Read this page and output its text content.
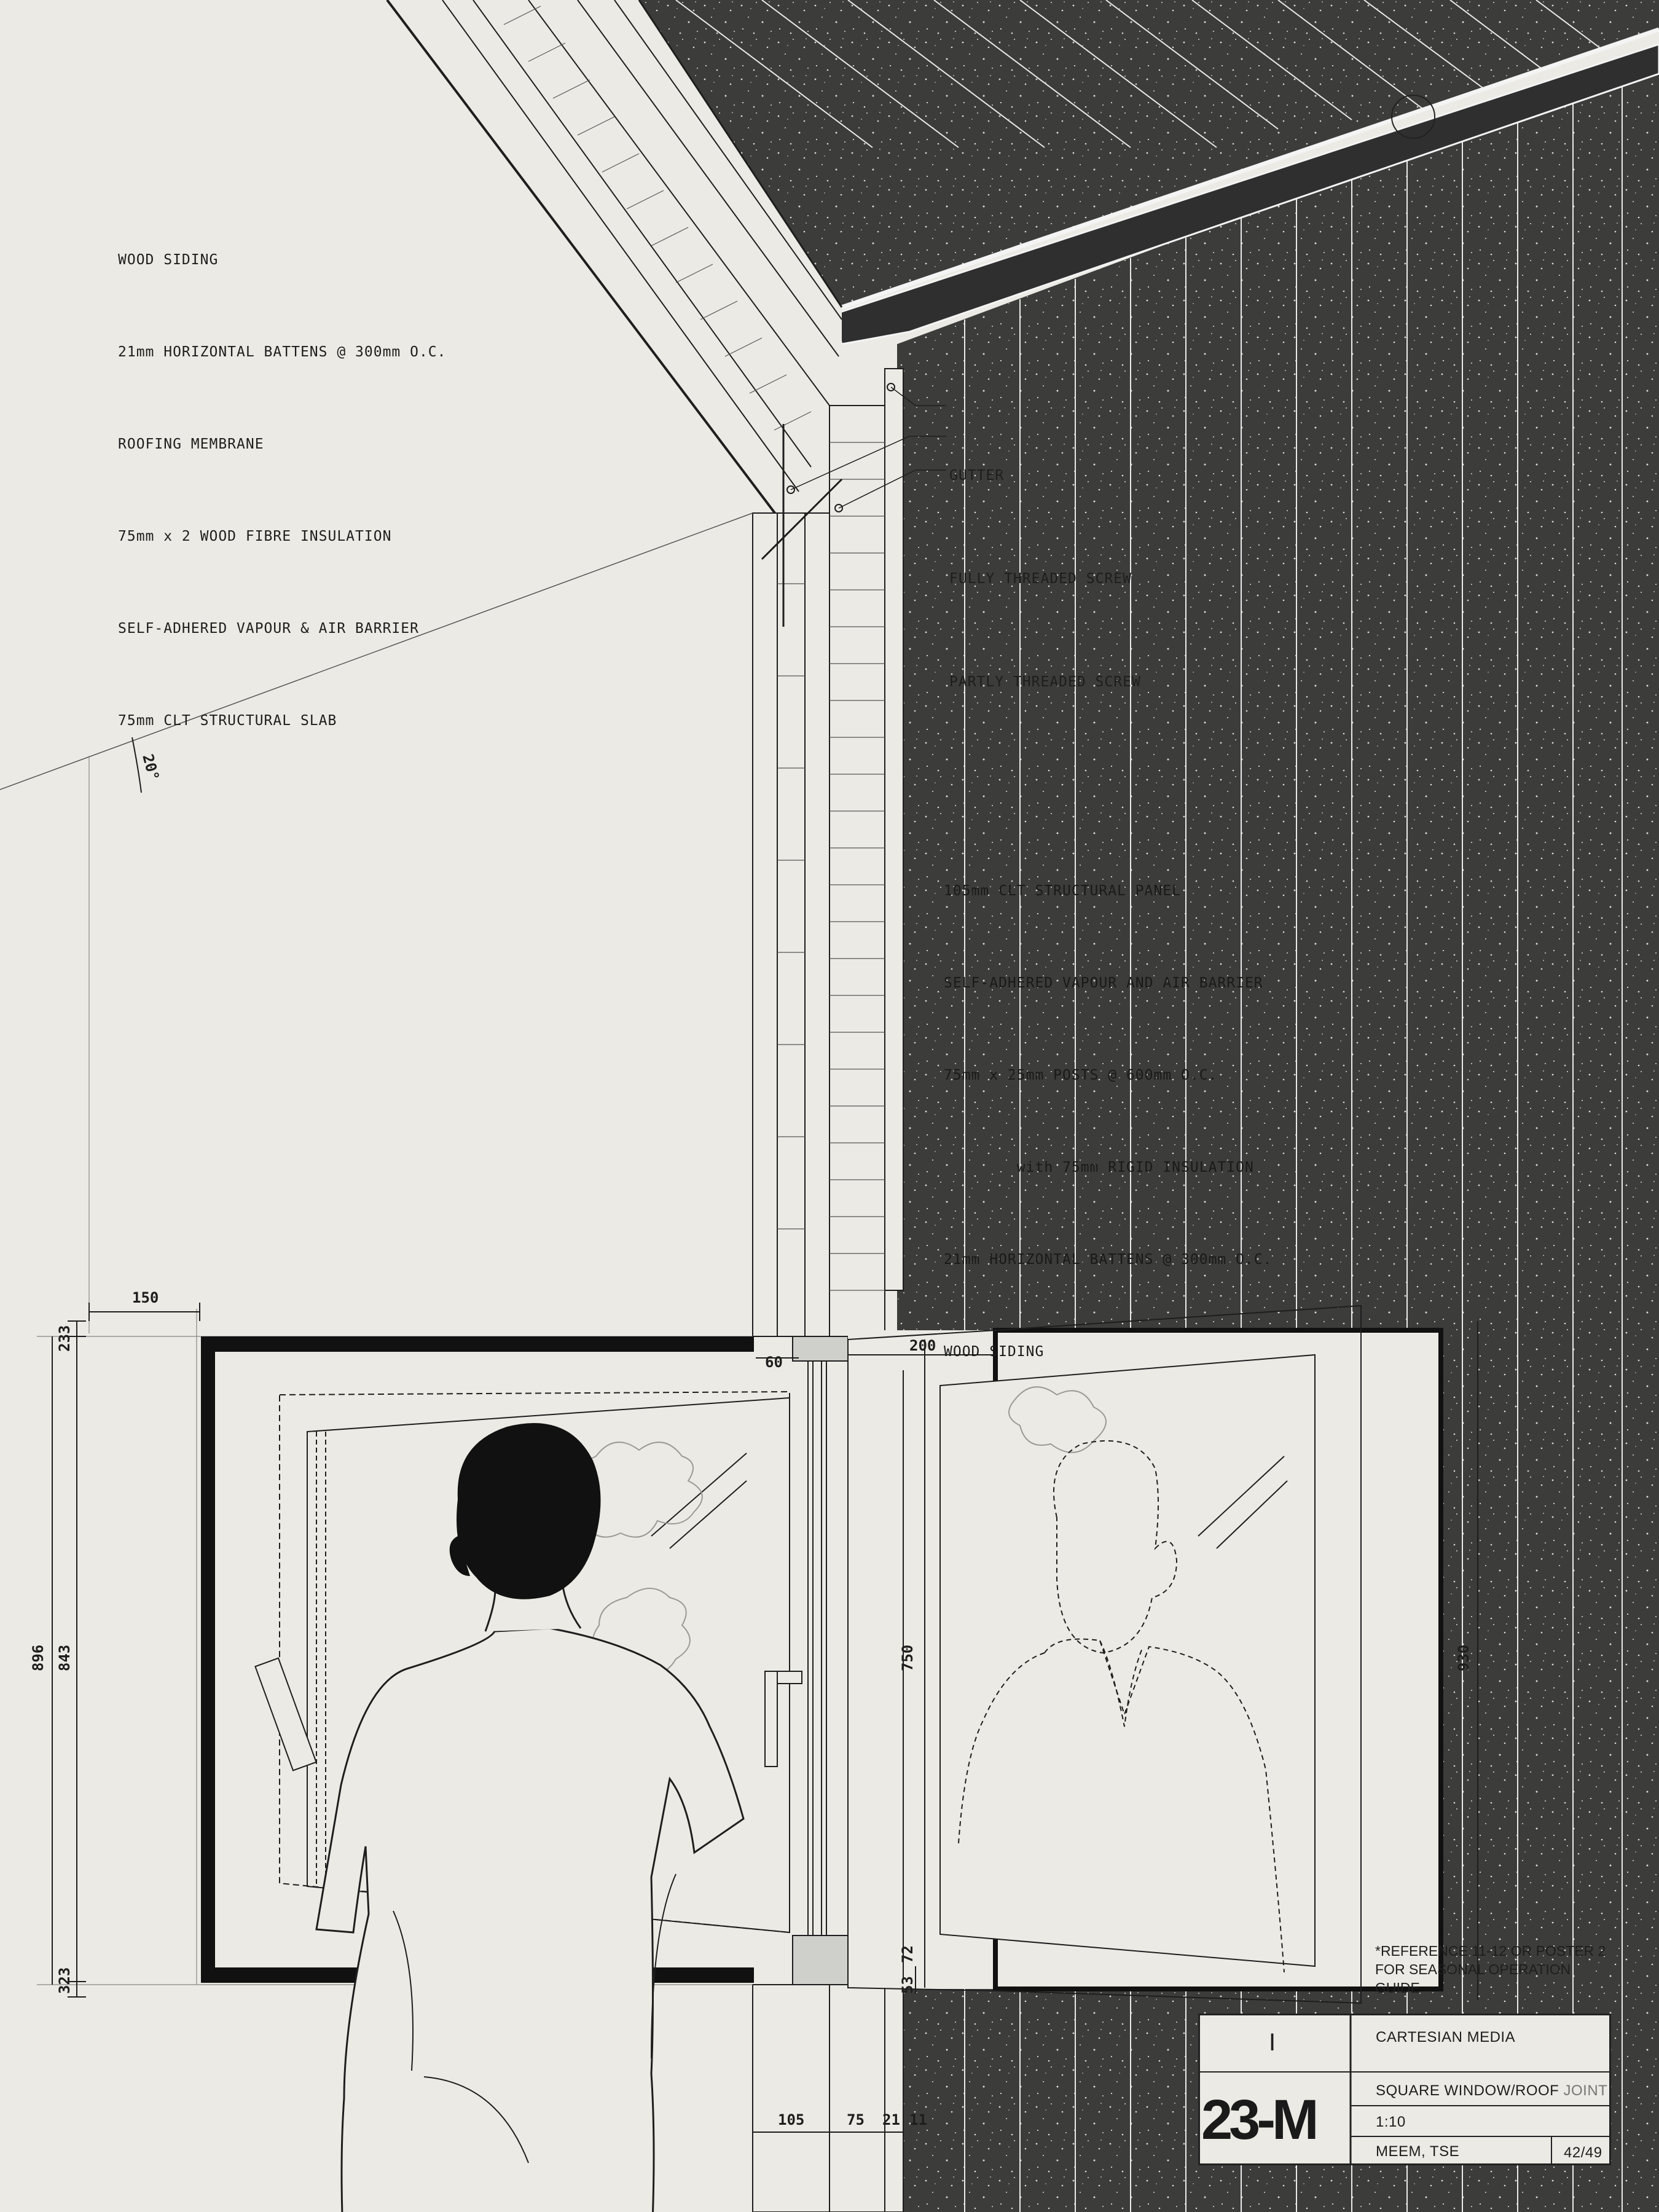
150
233
896 843
323
60
200
750	930
53
72
105	75 21 11
20°

WOOD SIDING

21mm HORIZONTAL BATTENS @ 300mm O.C.

ROOFING MEMBRANE

75mm x 2 WOOD FIBRE INSULATION

SELF-ADHERED VAPOUR & AIR BARRIER

75mm CLT STRUCTURAL SLAB

GUTTER

FULLY THREADED SCREW

PARTLY THREADED SCREW

105mm CLT STRUCTURAL PANEL

SELF-ADHERED VAPOUR AND AIR BARRIER

75mm x 25mm POSTS @ 600mm O.C.

with 75mm RIGID INSULATION

21mm HORIZONTAL BATTENS @ 300mm O.C.

WOOD SIDING

*REFERENCE 11-12 OR POSTER 2 FOR SEASONAL OPERATION GUIDE
I
23-M
CARTESIAN MEDIA
SQUARE WINDOW/ROOF JOINT
1:10
MEEM, TSE	42/49
